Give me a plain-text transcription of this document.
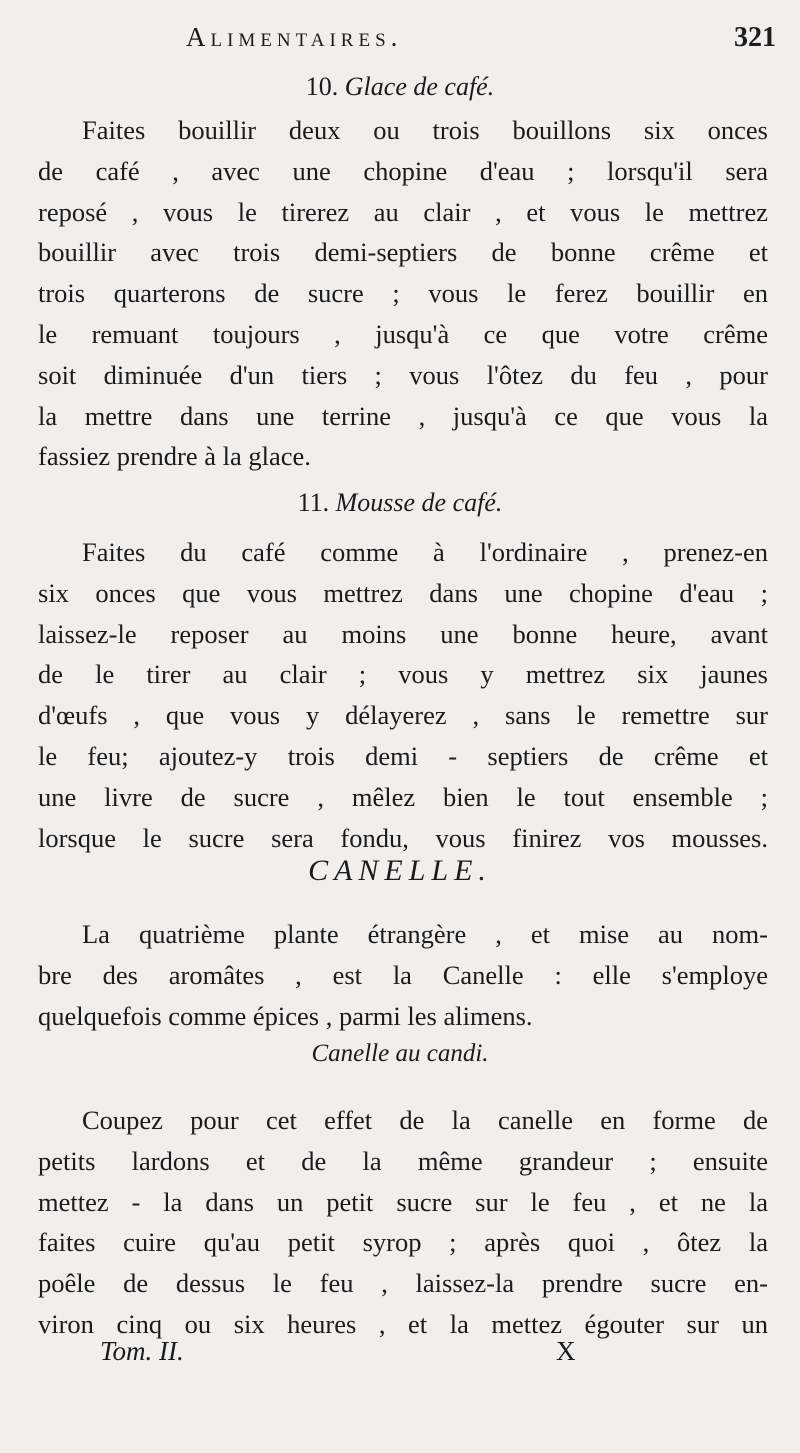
Alimentaires.	321
10. Glace de café.
Faites bouillir deux ou trois bouillons six onces
de café , avec une chopine d'eau ; lorsqu'il sera
reposé , vous le tirerez au clair , et vous le mettrez
bouillir avec trois demi-septiers de bonne crême et
trois quarterons de sucre ; vous le ferez bouillir en
le remuant toujours , jusqu'à ce que votre crême
soit diminuée d'un tiers ; vous l'ôtez du feu , pour
la mettre dans une terrine , jusqu'à ce que vous la
fassiez prendre à la glace.
11. Mousse de café.
Faites du café comme à l'ordinaire , prenez-en
six onces que vous mettrez dans une chopine d'eau ;
laissez-le reposer au moins une bonne heure, avant
de le tirer au clair ; vous y mettrez six jaunes
d'œufs , que vous y délayerez , sans le remettre sur
le feu; ajoutez-y trois demi - septiers de crême et
une livre de sucre , mêlez bien le tout ensemble ;
lorsque le sucre sera fondu, vous finirez vos mousses.
CANELLE.
La quatrième plante étrangère , et mise au nom-
bre des aromâtes , est la Canelle : elle s'employe
quelquefois comme épices , parmi les alimens.
Canelle au candi.
Coupez pour cet effet de la canelle en forme de
petits lardons et de la même grandeur ; ensuite
mettez - la dans un petit sucre sur le feu , et ne la
faites cuire qu'au petit syrop ; après quoi , ôtez la
poêle de dessus le feu , laissez-la prendre sucre en-
viron cinq ou six heures , et la mettez égouter sur un
Tom. II.	X
